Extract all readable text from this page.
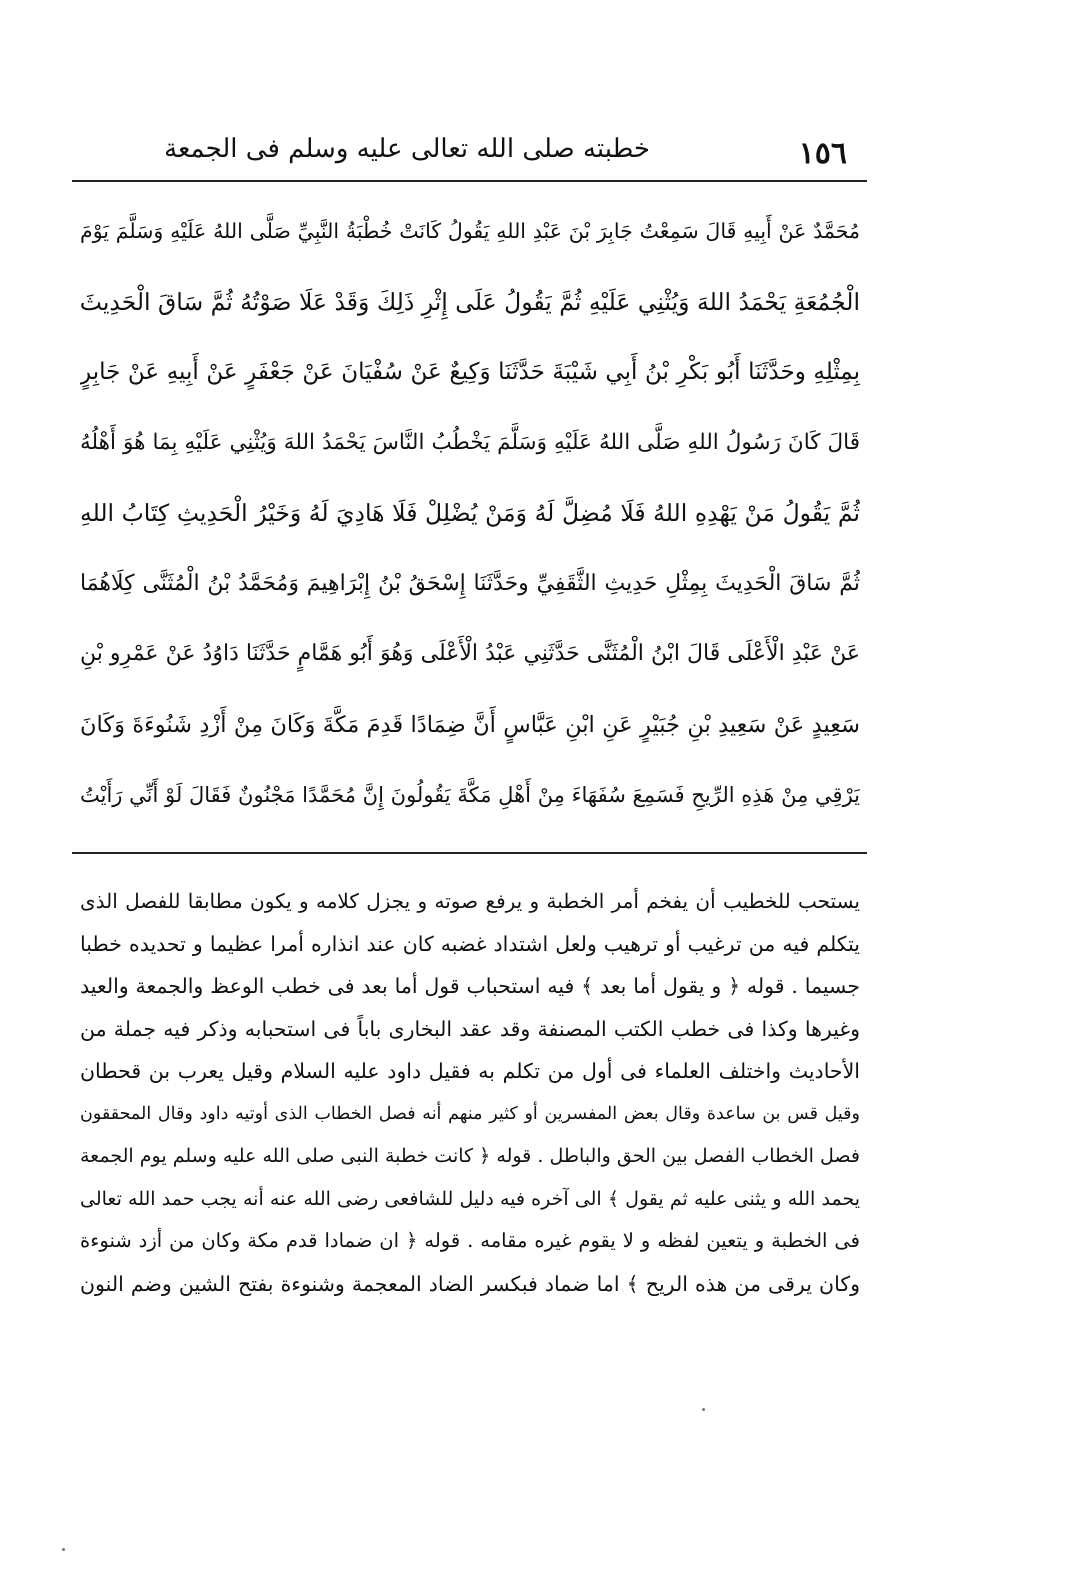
١٥٦
خطبته صلى الله تعالى عليه وسلم فى الجمعة
مُحَمَّدٌ عَنْ أَبِيهِ قَالَ سَمِعْتُ جَابِرَ بْنَ عَبْدِ اللهِ يَقُولُ كَانَتْ خُطْبَةُ النَّبِيِّ صَلَّى اللهُ عَلَيْهِ وَسَلَّمَ يَوْمَ
الْجُمُعَةِ يَحْمَدُ اللهَ وَيُثْنِي عَلَيْهِ ثُمَّ يَقُولُ عَلَى إِثْرِ ذَلِكَ وَقَدْ عَلَا صَوْتُهُ ثُمَّ سَاقَ الْحَدِيثَ
بِمِثْلِهِ وحَدَّثَنَا أَبُو بَكْرِ بْنُ أَبِي شَيْبَةَ حَدَّثَنَا وَكِيعٌ عَنْ سُفْيَانَ عَنْ جَعْفَرٍ عَنْ أَبِيهِ عَنْ جَابِرٍ
قَالَ كَانَ رَسُولُ اللهِ صَلَّى اللهُ عَلَيْهِ وَسَلَّمَ يَخْطُبُ النَّاسَ يَحْمَدُ اللهَ وَيُثْنِي عَلَيْهِ بِمَا هُوَ أَهْلُهُ
ثُمَّ يَقُولُ مَنْ يَهْدِهِ اللهُ فَلَا مُضِلَّ لَهُ وَمَنْ يُضْلِلْ فَلَا هَادِيَ لَهُ وَخَيْرُ الْحَدِيثِ كِتَابُ اللهِ
ثُمَّ سَاقَ الْحَدِيثَ بِمِثْلِ حَدِيثِ الثَّقَفِيِّ وحَدَّثَنَا إِسْحَقُ بْنُ إِبْرَاهِيمَ وَمُحَمَّدُ بْنُ الْمُثَنَّى كِلَاهُمَا
عَنْ عَبْدِ الْأَعْلَى قَالَ ابْنُ الْمُثَنَّى حَدَّثَنِي عَبْدُ الْأَعْلَى وَهُوَ أَبُو هَمَّامٍ حَدَّثَنَا دَاوُدُ عَنْ عَمْرِو بْنِ
سَعِيدٍ عَنْ سَعِيدِ بْنِ جُبَيْرٍ عَنِ ابْنِ عَبَّاسٍ أَنَّ ضِمَادًا قَدِمَ مَكَّةَ وَكَانَ مِنْ أَزْدِ شَنُوءَةَ وَكَانَ
يَرْقِي مِنْ هَذِهِ الرِّيحِ فَسَمِعَ سُفَهَاءَ مِنْ أَهْلِ مَكَّةَ يَقُولُونَ إِنَّ مُحَمَّدًا مَجْنُونٌ فَقَالَ لَوْ أَنِّي رَأَيْتُ
يستحب للخطيب أن يفخم أمر الخطبة و يرفع صوته و يجزل كلامه و يكون مطابقا للفصل الذى
يتكلم فيه من ترغيب أو ترهيب ولعل اشتداد غضبه كان عند انذاره أمرا عظيما و تحديده خطبا
جسيما . قوله ﴿ و يقول أما بعد ﴾ فيه استحباب قول أما بعد فى خطب الوعظ والجمعة والعيد
وغيرها وكذا فى خطب الكتب المصنفة وقد عقد البخارى باباً فى استحبابه وذكر فيه جملة من
الأحاديث واختلف العلماء فى أول من تكلم به فقيل داود عليه السلام وقيل يعرب بن قحطان
وقيل قس بن ساعدة وقال بعض المفسرين أو كثير منهم أنه فصل الخطاب الذى أوتيه داود وقال المحققون
فصل الخطاب الفصل بين الحق والباطل . قوله ﴿ كانت خطبة النبى صلى الله عليه وسلم يوم الجمعة
يحمد الله و يثنى عليه ثم يقول ﴾ الى آخره فيه دليل للشافعى رضى الله عنه أنه يجب حمد الله تعالى
فى الخطبة و يتعين لفظه و لا يقوم غيره مقامه . قوله ﴿ ان ضمادا قدم مكة وكان من أزد شنوءة
وكان يرقى من هذه الريح ﴾ اما ضماد فبكسر الضاد المعجمة وشنوءة بفتح الشين وضم النون
